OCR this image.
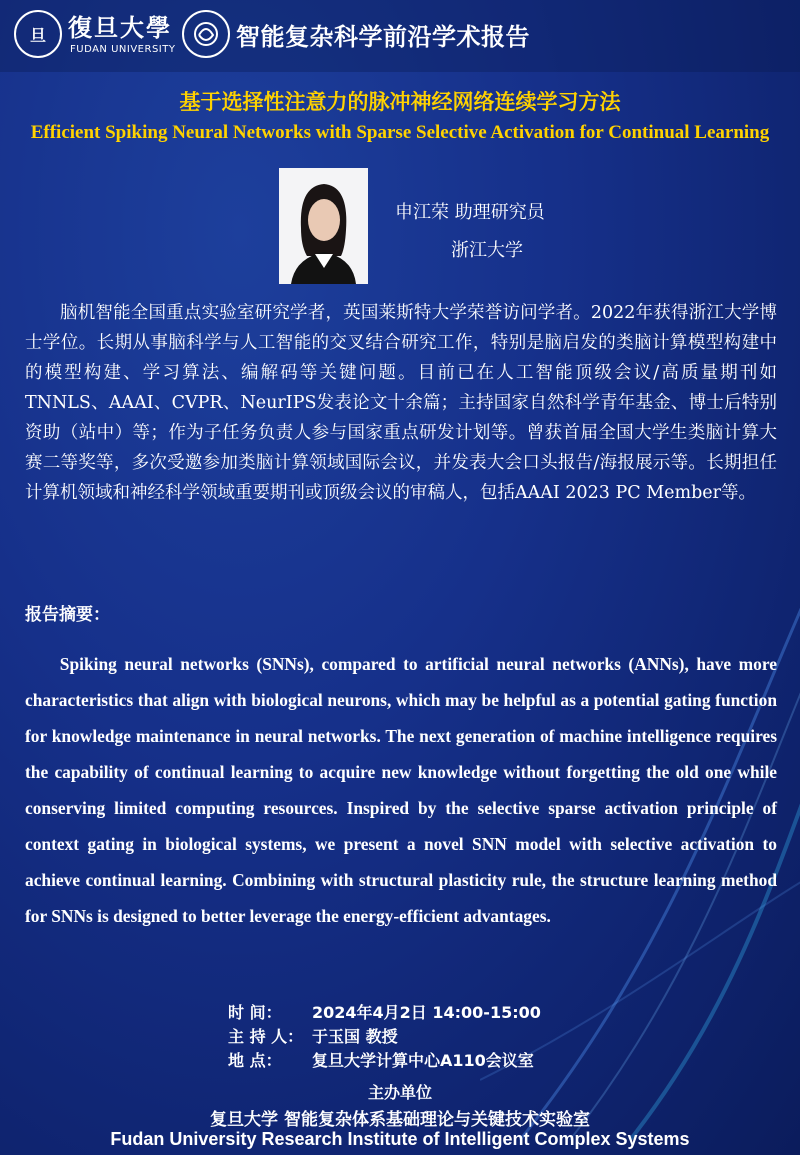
旦 復旦大學
FUDAN UNIVERSITY	智能复杂科学前沿学术报告
基于选择性注意力的脉冲神经网络连续学习方法
Efficient Spiking Neural Networks with Sparse Selective Activation for Continual Learning
申江荣 助理研究员
浙江大学

脑机智能全国重点实验室研究学者，英国莱斯特大学荣誉访问学者。2022年获得浙江大学博士学位。长期从事脑科学与人工智能的交叉结合研究工作，特别是脑启发的类脑计算模型构建中的模型构建、学习算法、编解码等关键问题。目前已在人工智能顶级会议/高质量期刊如TNNLS、AAAI、CVPR、NeurIPS发表论文十余篇；主持国家自然科学青年基金、博士后特别资助（站中）等；作为子任务负责人参与国家重点研发计划等。曾获首届全国大学生类脑计算大赛二等奖等，多次受邀参加类脑计算领域国际会议，并发表大会口头报告/海报展示等。长期担任计算机领域和神经科学领域重要期刊或顶级会议的审稿人，包括AAAI 2023 PC Member等。

报告摘要：

Spiking neural networks (SNNs), compared to artificial neural networks (ANNs), have more characteristics that align with biological neurons, which may be helpful as a potential gating function for knowledge maintenance in neural networks. The next generation of machine intelligence requires the capability of continual learning to acquire new knowledge without forgetting the old one while conserving limited computing resources. Inspired by the selective sparse activation principle of context gating in biological systems, we present a novel SNN model with selective activation to achieve continual learning. Combining with structural plasticity rule, the structure learning method for SNNs is designed to better leverage the energy-efficient advantages.

时 间： 2024年4月2日 14:00-15:00
主 持 人： 于玉国 教授
地 点： 复旦大学计算中心A110会议室
主办单位
复旦大学 智能复杂体系基础理论与关键技术实验室
Fudan University Research Institute of Intelligent Complex Systems
